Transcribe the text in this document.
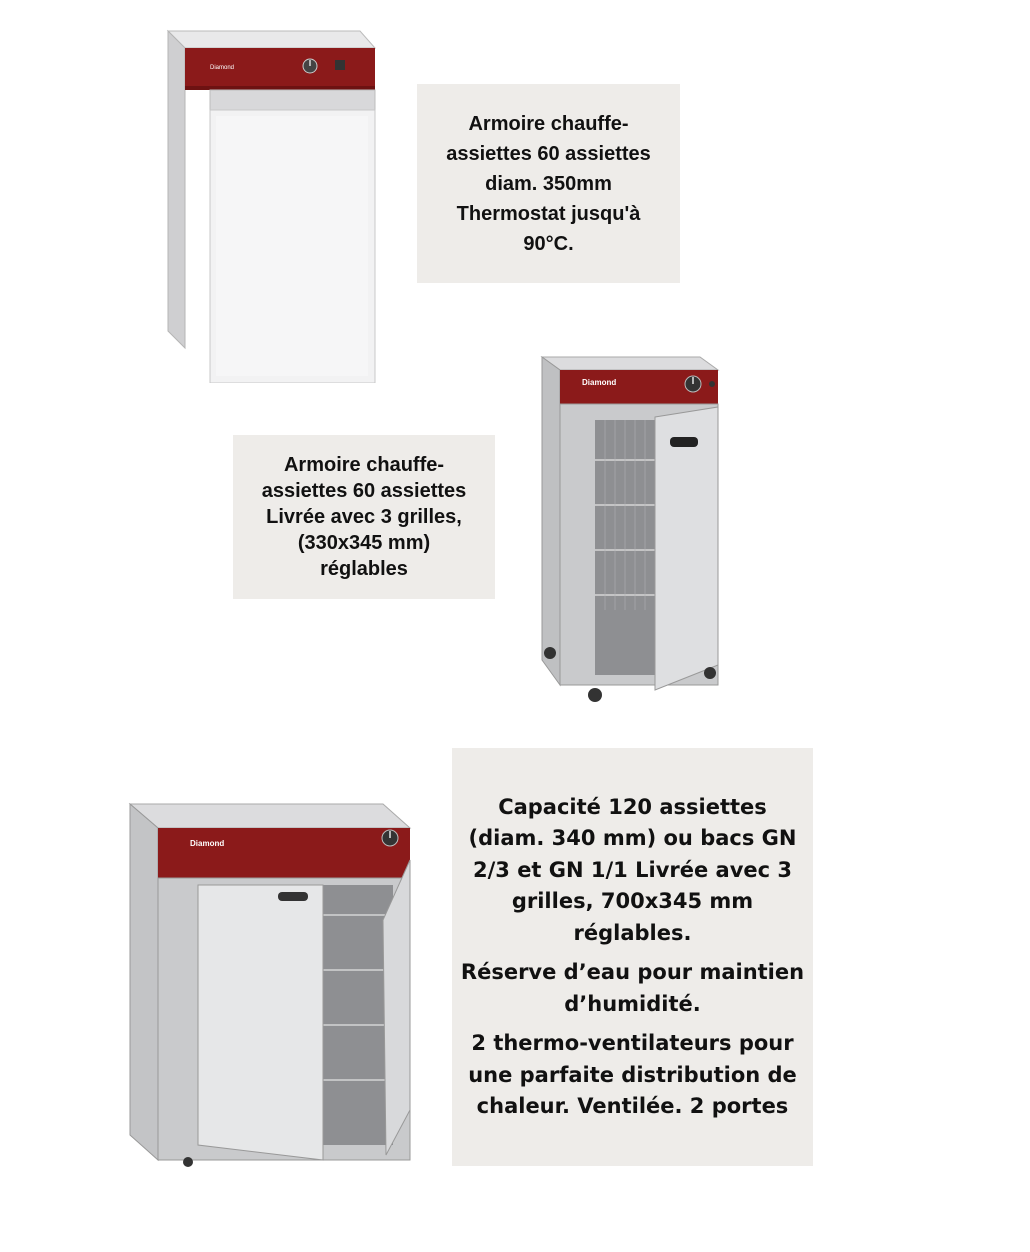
Diamond

Armoire chauffe-

assiettes 60 assiettes

diam. 350mm

Thermostat jusqu'à

90°C.

Armoire chauffe-

assiettes 60 assiettes

Livrée avec 3 grilles,

(330x345 mm)

réglables

Diamond
Diamond

Capacité 120 assiettes (diam. 340 mm) ou bacs GN 2/3 et GN 1/1 Livrée avec 3 grilles, 700x345 mm réglables.

Réserve d’eau pour maintien d’humidité.

2 thermo-ventilateurs pour une parfaite distribution de chaleur. Ventilée. 2 portes
